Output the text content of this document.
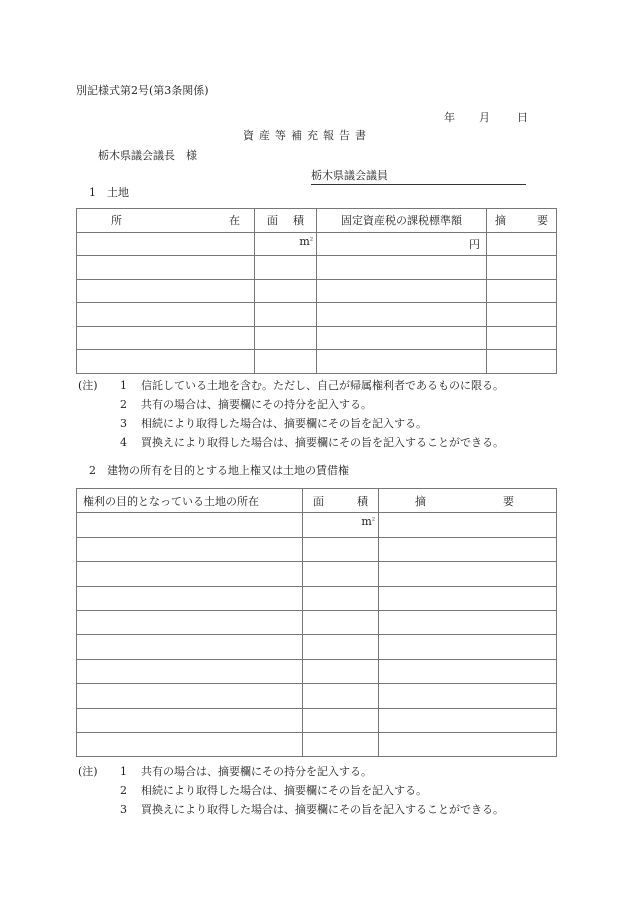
別記様式第2号(第3条関係)
年 月 日
資産等補充報告書
栃木県議会議長　様
栃木県議会議員
1　土地
所 在	面 積	固定資産税の課税標準額	摘 要

	$m^2$	円	

(注)	1	信託している土地を含む。ただし、自己が帰属権利者であるものに限る。
2	共有の場合は、摘要欄にその持分を記入する。
3	相続により取得した場合は、摘要欄にその旨を記入する。
4	買換えにより取得した場合は、摘要欄にその旨を記入することができる。
2　建物の所有を目的とする地上権又は土地の賃借権
権利の目的となっている土地の所在	面 積	摘 要

	$m^2$	

(注)	1	共有の場合は、摘要欄にその持分を記入する。
2	相続により取得した場合は、摘要欄にその旨を記入する。
3	買換えにより取得した場合は、摘要欄にその旨を記入することができる。
